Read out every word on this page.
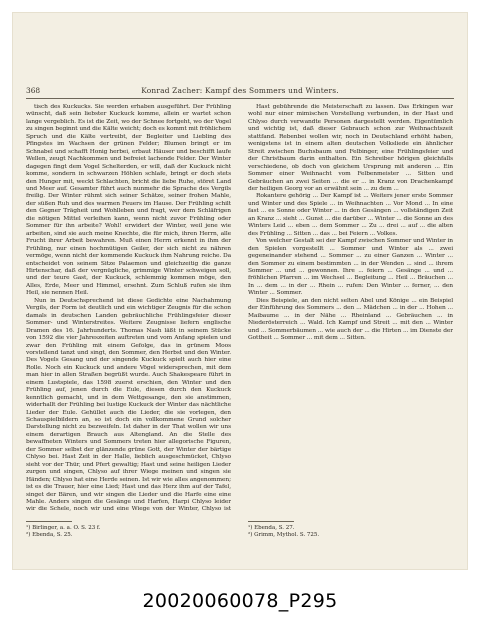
368	Konrad Zacher: Kampf des Sommers und Winters.

tisch des Kuckucks. Sie werden erhaben ausgeführt. Der Frühling wünscht, daß sein liebster Kuckuck komme, allein er wartet schon lange vergeblich. Es ist die Zeit, wo der Schnee fortgeht, wo der Vogel zu singen beginnt und die Kälte weicht; doch es kommt mit fröhlichem Spruch und die Kälte vertreibt, der Begleiter und Liebling des Pfingstes im Wachsen der grünen Felder; Blumen bringt er im Schnabel und schafft Honig herbei, erbaut Häuser und beschifft laufe Wellen, zeugt Nachkommen und befreiet lachende Felder. Der Winter dagegen fingt dem Vogel Schelterden, er will, daß der Kuckuck nicht komme, sondern in schwarzen Höhlen schlafe, bringt er doch stets den Hunger mit, weckt Schlachten, bricht die liebe Ruhe, störet Land und Meer auf. Gesamter führt auch nunmehr die Sprache des Vergils freilig. Der Winter rühmt sich seiner Schätze, seiner frohen Mahle, der süßen Ruh und des warmen Feuers im Hause. Der Frühling schilt den Gegner Trägheit und Wohlleben und fragt, wer dem Schläfrigen die nötigen Mittel verleihen kann, wenn nicht zuvor Frühling oder Sommer für ihn arbeite? Wohl! erwidert der Winter, weil jene wie arbeiten, sind sie auch meine Knechte, die für mich, ihren Herrn, alle Frucht ihrer Arbeit bewahren. Muß einen Herrn erkennt in ihm der Frühling, nur einen hochmütigen Geiler, der sich nicht zu nähren vermöge, wenn nicht der kommende Kuckuck ihm Nahrung reiche. Da entscheidet von seinem Sitze Palaemon und gleichzeitig die ganze Hirtenschar, daß der vergnügliche, grimmige Winter schweigen soll, und der teure Gast, der Kuckuck, schlemmig kommen möge, den Alles, Erde, Meer und Himmel, ersehnt. Zum Schluß rufen sie ihm Heil, sie nennen Heil.

Nun in Deutschsprechend ist diese Gedichte eine Nachahmung Vergils, der Form ist deutlich und ein wichtiger Zeugnis für die schon damals in deutschen Landen gebräuchliche Frühlingsfeier dieser Sommer- und Winterstreites. Weitere Zeugnisse liefern englische Dramen des 16. Jahrhunderts. Thomas Nash läßt in seinem Stücke von 1592 die vier Jahreszeiten auftreten und vom Anfang spielen und zwar den Frühling mit einem Gefolge, das in grünem Moos vorstellend tanzt und singt, den Sommer, den Herbst und den Winter. Des Vogels Gesang und der singende Kuckuck spielt auch hier eine Rolle. Noch ein Kuckuck und andere Vögel widersprechen, mit dem man hier in allen Straßen begrüßt wurde. Auch Shakespeare führt in einem Lustspiele, das 1598 zuerst erschien, den Winter und den Frühling auf, jenen durch die Eule, diesen durch den Kuckuck kenntlich gemacht, und in dem Wettgesange, den sie anstimmen, widerhallt der Frühling bei lustige Kuckuck der Winter das nächtliche Lieder der Eule. Gehüllet auch die Lieder, die sie vorlegen, den Schauspielbildern an, so ist doch ein vollkommene Grund solcher Darstellung nicht zu bezweifeln. Ist daher in der That wollen wir uns einem derartigen Brauch aus Altengland. An die Stelle des bewaffneten Winters und Sommers treten hier allegorische Figuren, der Sommer selbst der glänzende grüne Gott, der Winter der bärtige Chlyso bei. Hast Zeit in der Halle, lieblich ausgeschmücket, Chlyso sieht vor der Thür, und Pfert gewaltig; Hast und seine heiligen Lieder zurgen und singen, Chlyso auf ihrer Wiege meinen und singen sie Händen; Chlyso hat eine Herde seinen. Ist wir wie alles angenommen; ist es die Trauer, hier eine Lied; Hast und das Herz ihm auf der Tafel, singet der Bären, und wir singen die Lieder und die Harfe eine eine Mahle. Anders singen die Gesänge und Harfen, Harpi Chlyso leider wir die Schele, noch wir und eine Wiege von der Winter, Chlyso ist

Hast gebührende die Meisterschaft zu lassen. Das Erkingen war wohl nur einer mimischen Vorstellung verbunden, in der Hast und Chlyso durch verwandte Personen dargestellt werden. Eigentümlich und wichtig ist, daß dieser Gebrauch schon zur Weihnachtszeit stattfand. Rebenbei wollen wir, noch in Deutschland erhöht haben, wenigstens ist in einem alten deutschen Volksliede ein ähnlicher Streit zwischen Buchsbaum und Felbinger, eine Frühlingsfeier und der Christbaum darin enthalten. Ein Schreiber hörigen gleichfalls verschiedene, ob doch von gleichem Ursprung mit anderen ... Ein Sommer einer Weihnacht vom Felbenmeister ... Sitten und Gebräuchen an zwei Seiten ... die er ... in Kranz von Drachenkampf der heiligen Georg vor an erwähnt sein ... zu dem ...

Rokantere gehörig ... Der Kampf ist ... Weiters jener erste Sommer und Winter und des Spiele ... in Weihnachten ... Vor Mond ... In eine fast ... es Sonne oder Winter ... in den Gesängen ... vollständigen Zeit an Kranz ... sieht ... Gunst ... die darüber ... Winter ... die Sonne an des Winters Leid ... eben ... dem Sommer ... Zu ... drei ... auf ... die alten des Frühling ... Sitten ... das ... bei Feiern ... Volkes.

Von welcher Gestalt sei der Kampf zwischen Sommer und Winter in den Spielen vorgestellt ... Sommer und Winter als ... zwei gegeneinander stehend ... Sommer ... zu einer Ganzen ... Winter ... den Sommer zu einem bestimmten ... in der Wenden ... sind ... ihrem Sommer ... und ... gewonnen. Ihre ... feiern ... Gesänge ... und ... fröhlichen Pfarren ... im Wechsel ... Begleitung ... Heil ... Bräuchen ... In ... dem ... in der ... Rhein ... rufen: Den Winter ... ferner, ... den Winter ... Sommer.

Dies Beispiele, an den nicht selten Abel und Könige ... ein Beispiel der Einführung des Sommers ... den ... Mädchen ... in der ... Hohen ... Maibaume ... in der Nähe ... Rheinland ... Gebräuchen ... in Niederösterreich ... Wald. Ich Kampf und Streit ... mit den ... Winter und ... Sommerbäumen ... wie auch der ... die Hirten ... im Dienste der Gottheit ... Sommer ... mit dem ... Sitten.

¹) Birlinger, a. a. O. S. 23 f.
²) Ebenda, S. 25.
¹) Ebenda, S. 27.
²) Grimm, Mythol. S. 725.
20020060078_P295
